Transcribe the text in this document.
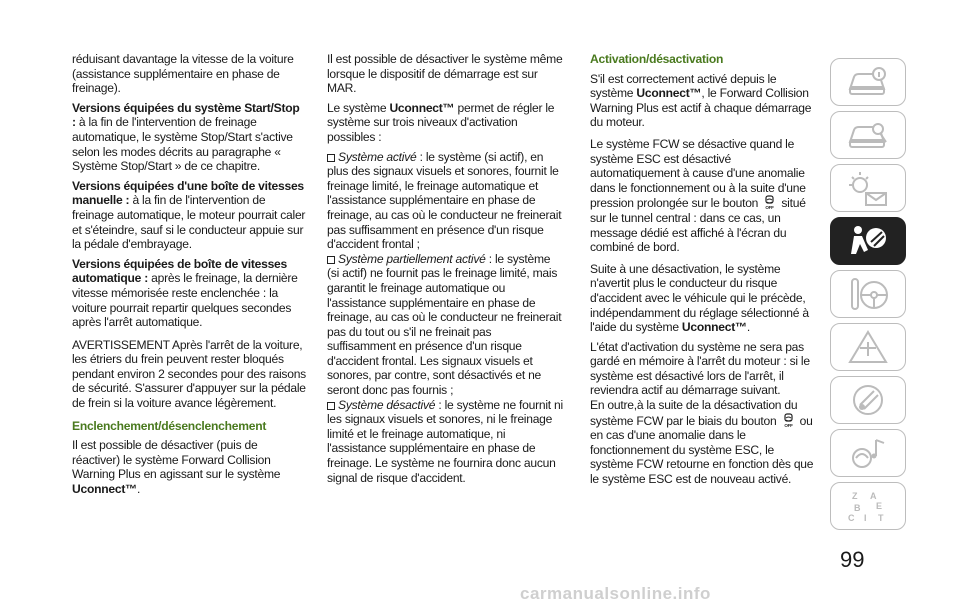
réduisant davantage la vitesse de la voiture (assistance supplémentaire en phase de freinage).

Versions équipées du système Start/Stop : à la fin de l'intervention de freinage automatique, le système Stop/Start s'active selon les modes décrits au paragraphe « Système Stop/Start » de ce chapitre.

Versions équipées d'une boîte de vitesses manuelle : à la fin de l'intervention de freinage automatique, le moteur pourrait caler et s'éteindre, sauf si le conducteur appuie sur la pédale d'embrayage.

Versions équipées de boîte de vitesses automatique : après le freinage, la dernière vitesse mémorisée reste enclenchée : la voiture pourrait repartir quelques secondes après l'arrêt automatique.

AVERTISSEMENT Après l'arrêt de la voiture, les étriers du frein peuvent rester bloqués pendant environ 2 secondes pour des raisons de sécurité. S'assurer d'appuyer sur la pédale de frein si la voiture avance légèrement.

Enclenchement/désenclenchement

Il est possible de désactiver (puis de réactiver) le système Forward Collision Warning Plus en agissant sur le système Uconnect™.

Il est possible de désactiver le système même lorsque le dispositif de démarrage est sur MAR.

Le système Uconnect™ permet de régler le système sur trois niveaux d'activation possibles :

Système activé : le système (si actif), en plus des signaux visuels et sonores, fournit le freinage limité, le freinage automatique et l'assistance supplémentaire en phase de freinage, au cas où le conducteur ne freinerait pas suffisamment en présence d'un risque d'accident frontal ;

Système partiellement activé : le système (si actif) ne fournit pas le freinage limité, mais garantit le freinage automatique ou l'assistance supplémentaire en phase de freinage, au cas où le conducteur ne freinerait pas du tout ou s'il ne freinait pas suffisamment en présence d'un risque d'accident frontal. Les signaux visuels et sonores, par contre, sont désactivés et ne seront donc pas fournis ;

Système désactivé : le système ne fournit ni les signaux visuels et sonores, ni le freinage limité et le freinage automatique, ni l'assistance supplémentaire en phase de freinage. Le système ne fournira donc aucun signal de risque d'accident.

Activation/désactivation

S'il est correctement activé depuis le système Uconnect™, le Forward Collision Warning Plus est actif à chaque démarrage du moteur.

Le système FCW se désactive quand le système ESC est désactivé automatiquement à cause d'une anomalie dans le fonctionnement ou à la suite d'une pression prolongée sur le bouton OFF situé sur le tunnel central : dans ce cas, un message dédié est affiché à l'écran du combiné de bord.

Suite à une désactivation, le système n'avertit plus le conducteur du risque d'accident avec le véhicule qui le précède, indépendamment du réglage sélectionné à l'aide du système Uconnect™.

L'état d'activation du système ne sera pas gardé en mémoire à l'arrêt du moteur : si le système est désactivé lors de l'arrêt, il reviendra actif au démarrage suivant.

En outre,à la suite de la désactivation du système FCW par le biais du bouton OFF ou en cas d'une anomalie dans le fonctionnement du système ESC, le système FCW retourne en fonction dès que le système ESC est de nouveau activé.

Z A
B E
I
C	T
99
carmanualsonline.info
